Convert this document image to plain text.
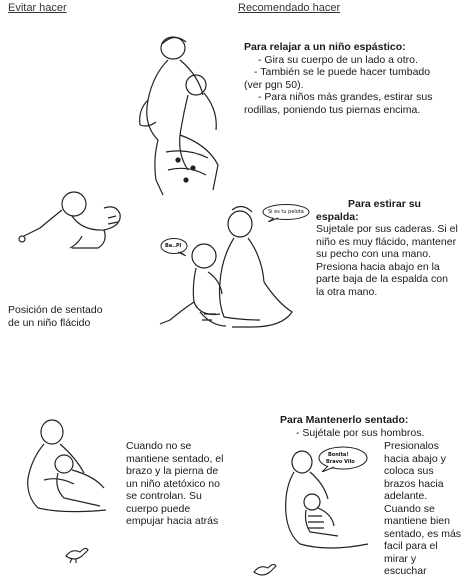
Evitar hacer	Recomendado hacer

Para relajar a un niño espástico:

- Gira su cuerpo de un lado a otro.

- También se le puede hacer tumbado

(ver pgn 50).

- Para niños más grandes, estirar sus

rodillas, poniendo tus piernas encima.

Si es tu pelota
Ba..Pi

Para estirar su

espalda:

Sujetale por sus caderas. Si el

niño es muy flácido, mantener

su pecho con una mano.

Presiona hacia abajo en la

parte baja de la espalda con

la otra mano.

Posición de sentado

de un niño flácido

Cuando no se

mantiene sentado, el

brazo y la pierna de

un niño atetóxico no

se controlan. Su

cuerpo puede

empujar hacia atrás

Para Mantenerlo sentado:
- Sujétale por sus hombros.
Bonita!
Bravo Vilo

Presionalos

hacia abajo y

coloca sus

brazos hacia

adelante.

Cuando se

mantiene bien

sentado, es más

facil para el

mirar y

escuchar
